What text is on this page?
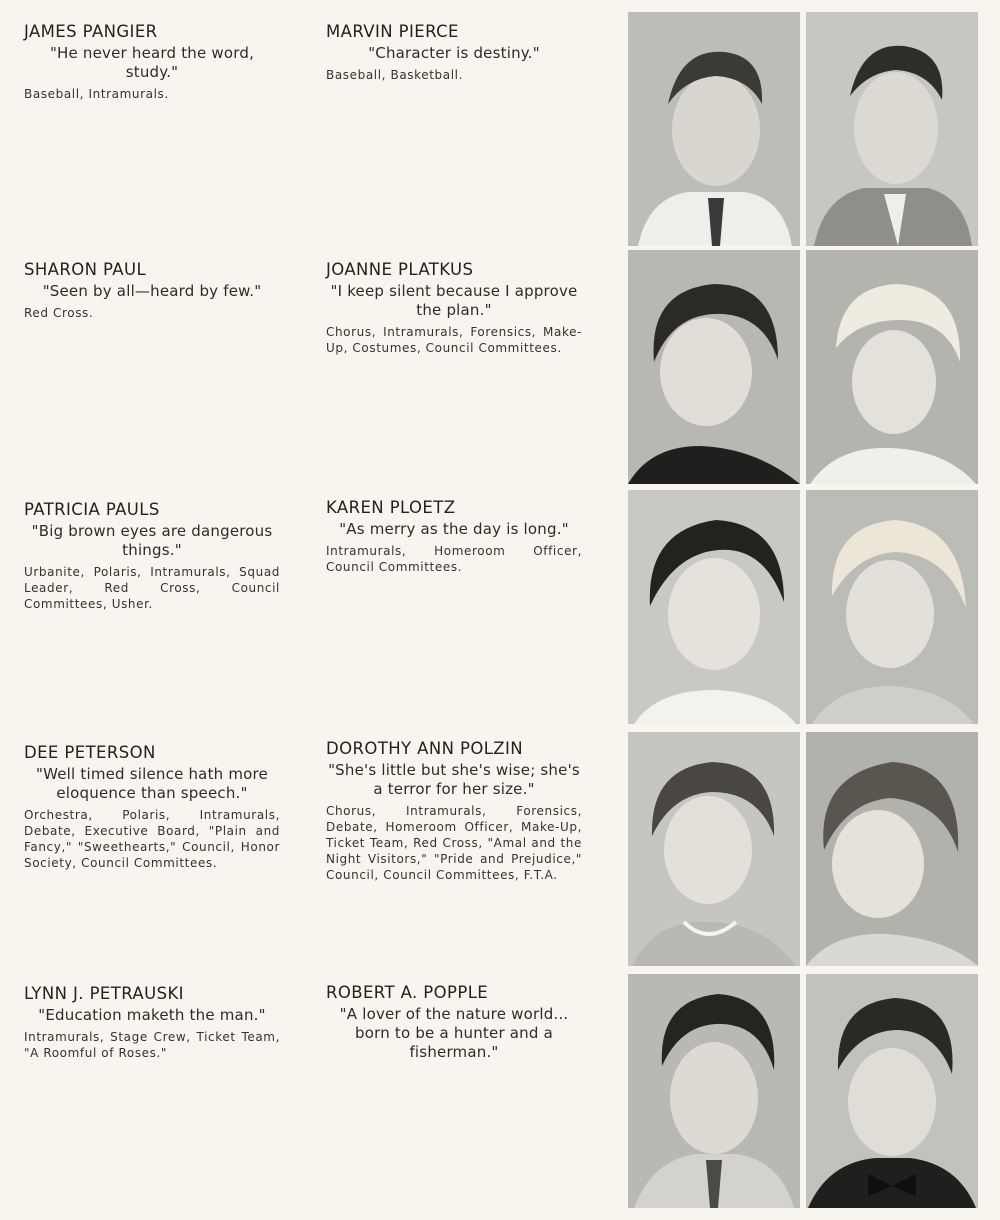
JAMES PANGIER
"He never heard the word, study."
Baseball, Intramurals.
MARVIN PIERCE
"Character is destiny."
Baseball, Basketball.
SHARON PAUL
"Seen by all—heard by few."
Red Cross.
JOANNE PLATKUS
"I keep silent because I approve the plan."
Chorus, Intramurals, Forensics, Make-Up, Costumes, Council Committees.
PATRICIA PAULS
"Big brown eyes are dangerous things."
Urbanite, Polaris, Intramurals, Squad Leader, Red Cross, Council Committees, Usher.
KAREN PLOETZ
"As merry as the day is long."
Intramurals, Homeroom Officer, Council Committees.
DEE PETERSON
"Well timed silence hath more eloquence than speech."
Orchestra, Polaris, Intramurals, Debate, Executive Board, "Plain and Fancy," "Sweethearts," Council, Honor Society, Council Committees.
DOROTHY ANN POLZIN
"She's little but she's wise; she's a terror for her size."
Chorus, Intramurals, Forensics, Debate, Homeroom Officer, Make-Up, Ticket Team, Red Cross, "Amal and the Night Visitors," "Pride and Prejudice," Council, Council Committees, F.T.A.
LYNN J. PETRAUSKI
"Education maketh the man."
Intramurals, Stage Crew, Ticket Team, "A Roomful of Roses."
ROBERT A. POPPLE
"A lover of the nature world... born to be a hunter and a fisherman."
